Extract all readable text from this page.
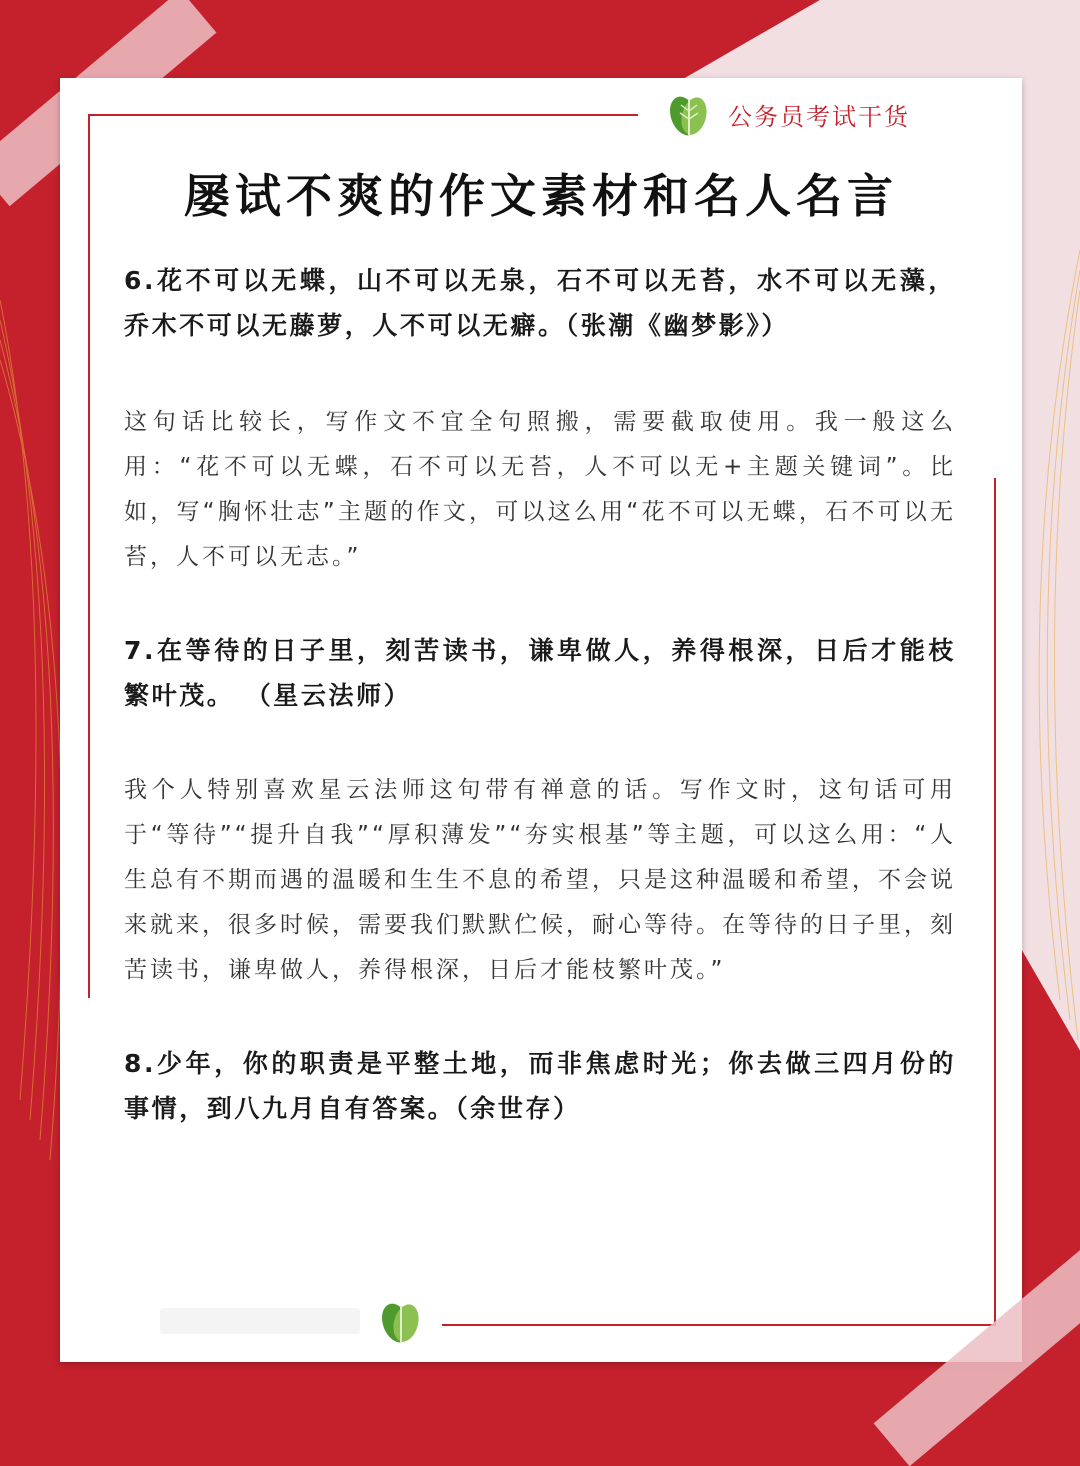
公务员考试干货
屡试不爽的作文素材和名人名言

6.花不可以无蝶，山不可以无泉，石不可以无苔，水不可以无藻，乔木不可以无藤萝，人不可以无癖。（张潮《幽梦影》）

这句话比较长，写作文不宜全句照搬，需要截取使用。我一般这么用：“花不可以无蝶，石不可以无苔，人不可以无+主题关键词”。比如，写“胸怀壮志”主题的作文，可以这么用“花不可以无蝶，石不可以无苔，人不可以无志。”

7.在等待的日子里，刻苦读书，谦卑做人，养得根深，日后才能枝繁叶茂。 （星云法师）

我个人特别喜欢星云法师这句带有禅意的话。写作文时，这句话可用于“等待”“提升自我”“厚积薄发”“夯实根基”等主题，可以这么用：“人生总有不期而遇的温暖和生生不息的希望，只是这种温暖和希望，不会说来就来，很多时候，需要我们默默伫候，耐心等待。在等待的日子里，刻苦读书，谦卑做人，养得根深，日后才能枝繁叶茂。”

8.少年，你的职责是平整土地，而非焦虑时光；你去做三四月份的事情，到八九月自有答案。（余世存）
